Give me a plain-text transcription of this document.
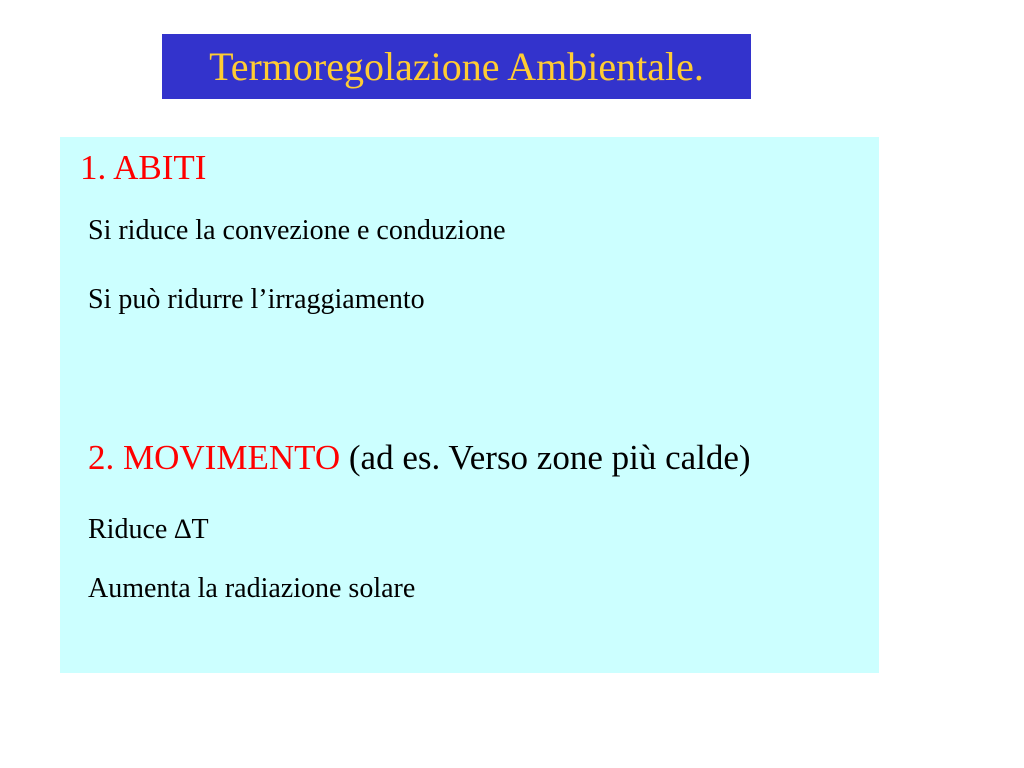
Termoregolazione Ambientale.
1. ABITI
Si riduce la convezione e conduzione
Si può ridurre l’irraggiamento
2. MOVIMENTO (ad es. Verso zone più calde)
Riduce ∆T
Aumenta la radiazione solare
